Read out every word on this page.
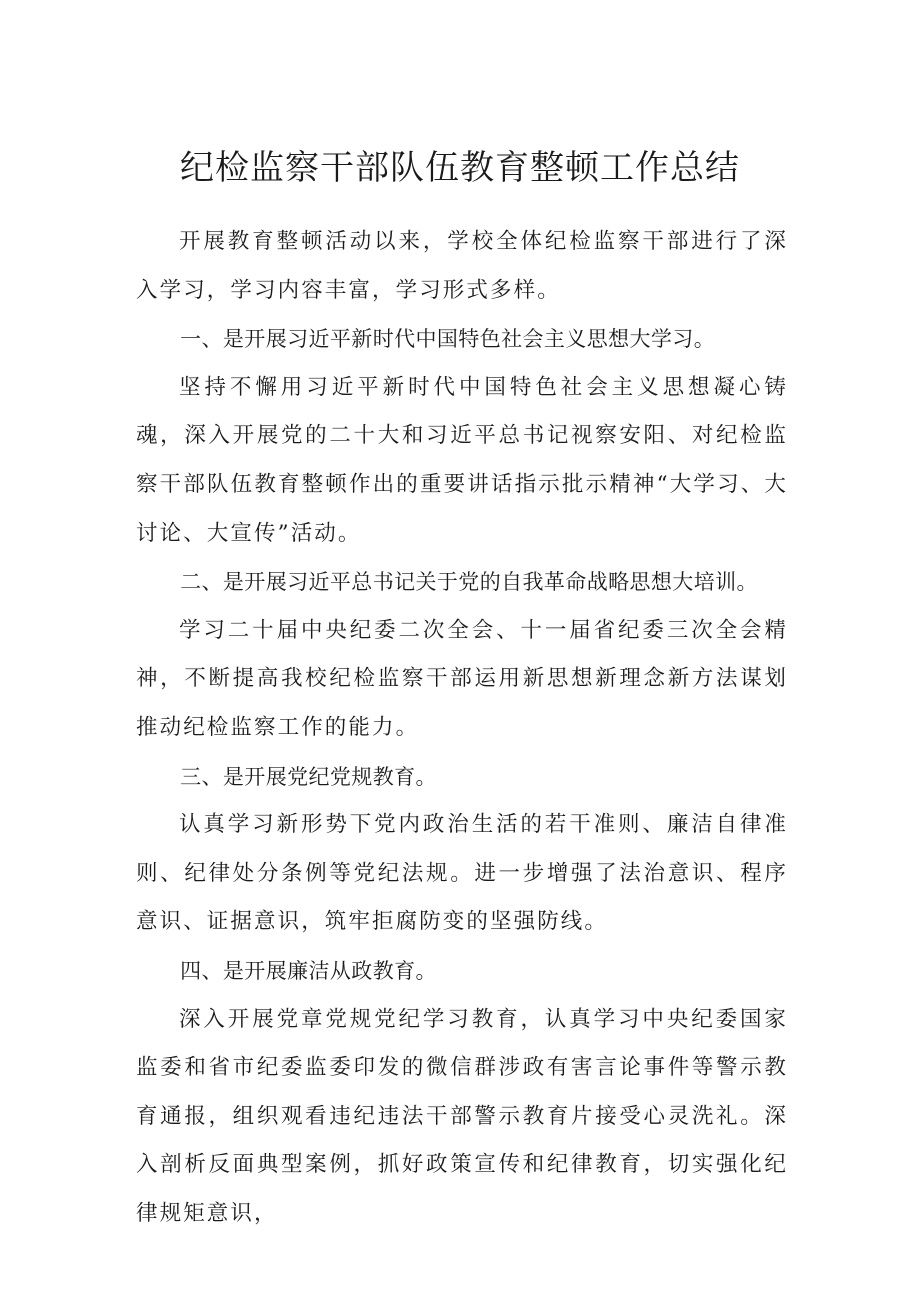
纪检监察干部队伍教育整顿工作总结

开展教育整顿活动以来，学校全体纪检监察干部进行了深入学习，学习内容丰富，学习形式多样。

一、是开展习近平新时代中国特色社会主义思想大学习。

坚持不懈用习近平新时代中国特色社会主义思想凝心铸魂，深入开展党的二十大和习近平总书记视察安阳、对纪检监察干部队伍教育整顿作出的重要讲话指示批示精神“大学习、大讨论、大宣传”活动。

二、是开展习近平总书记关于党的自我革命战略思想大培训。

学习二十届中央纪委二次全会、十一届省纪委三次全会精神，不断提高我校纪检监察干部运用新思想新理念新方法谋划推动纪检监察工作的能力。

三、是开展党纪党规教育。

认真学习新形势下党内政治生活的若干准则、廉洁自律准则、纪律处分条例等党纪法规。进一步增强了法治意识、程序意识、证据意识，筑牢拒腐防变的坚强防线。

四、是开展廉洁从政教育。

深入开展党章党规党纪学习教育，认真学习中央纪委国家监委和省市纪委监委印发的微信群涉政有害言论事件等警示教育通报，组织观看违纪违法干部警示教育片接受心灵洗礼。深入剖析反面典型案例，抓好政策宣传和纪律教育，切实强化纪律规矩意识，
